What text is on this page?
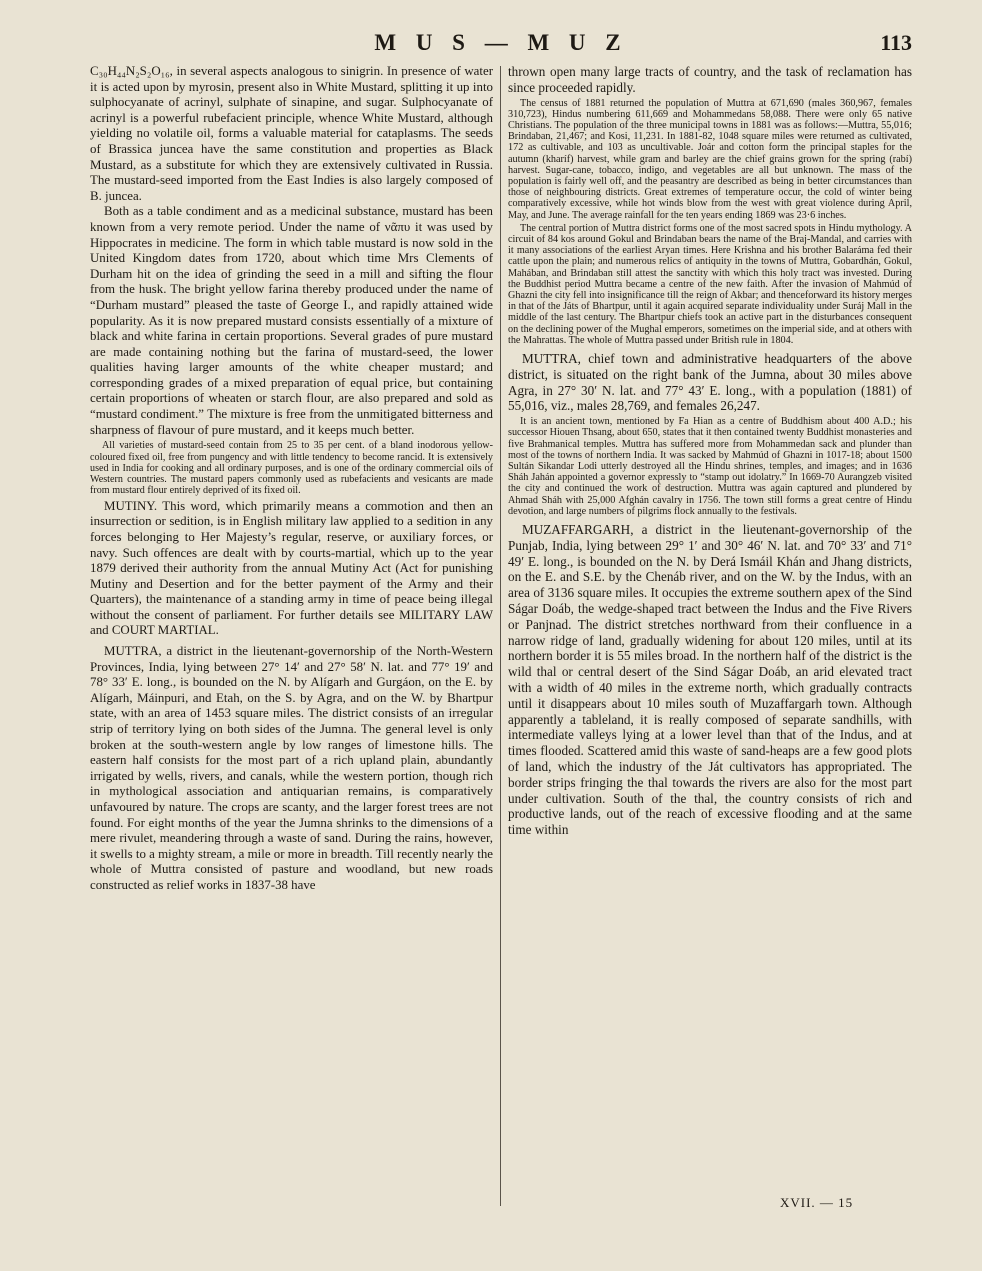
M U S — M U Z	113

C₃₀H₄₄N₂S₂O₁₆, in several aspects analogous to sinigrin. In presence of water it is acted upon by myrosin, present also in White Mustard, splitting it up into sulphocyanate of acrinyl, sulphate of sinapine, and sugar. Sulphocyanate of acrinyl is a powerful rubefacient principle, whence White Mustard, although yielding no volatile oil, forms a valuable material for cataplasms. The seeds of Brassica juncea have the same constitution and properties as Black Mustard, as a substitute for which they are extensively cultivated in Russia. The mustard-seed imported from the East Indies is also largely composed of B. juncea.

Both as a table condiment and as a medicinal substance, mustard has been known from a very remote period. Under the name of νᾶπυ it was used by Hippocrates in medicine. The form in which table mustard is now sold in the United Kingdom dates from 1720, about which time Mrs Clements of Durham hit on the idea of grinding the seed in a mill and sifting the flour from the husk. The bright yellow farina thereby produced under the name of “Durham mustard” pleased the taste of George I., and rapidly attained wide popularity. As it is now prepared mustard consists essentially of a mixture of black and white farina in certain proportions. Several grades of pure mustard are made containing nothing but the farina of mustard-seed, the lower qualities having larger amounts of the white cheaper mustard; and corresponding grades of a mixed preparation of equal price, but containing certain proportions of wheaten or starch flour, are also prepared and sold as “mustard condiment.” The mixture is free from the unmitigated bitterness and sharpness of flavour of pure mustard, and it keeps much better.

All varieties of mustard-seed contain from 25 to 35 per cent. of a bland inodorous yellow-coloured fixed oil, free from pungency and with little tendency to become rancid. It is extensively used in India for cooking and all ordinary purposes, and is one of the ordinary commercial oils of Western countries. The mustard papers commonly used as rubefacients and vesicants are made from mustard flour entirely deprived of its fixed oil.

MUTINY. This word, which primarily means a commotion and then an insurrection or sedition, is in English military law applied to a sedition in any forces belonging to Her Majesty’s regular, reserve, or auxiliary forces, or navy. Such offences are dealt with by courts-martial, which up to the year 1879 derived their authority from the annual Mutiny Act (Act for punishing Mutiny and Desertion and for the better payment of the Army and their Quarters), the maintenance of a standing army in time of peace being illegal without the consent of parliament. For further details see MILITARY LAW and COURT MARTIAL.

MUTTRA, a district in the lieutenant-governorship of the North-Western Provinces, India, lying between 27° 14′ and 27° 58′ N. lat. and 77° 19′ and 78° 33′ E. long., is bounded on the N. by Alígarh and Gurgáon, on the E. by Alígarh, Máinpuri, and Etah, on the S. by Agra, and on the W. by Bhartpur state, with an area of 1453 square miles. The district consists of an irregular strip of territory lying on both sides of the Jumna. The general level is only broken at the south-western angle by low ranges of limestone hills. The eastern half consists for the most part of a rich upland plain, abundantly irrigated by wells, rivers, and canals, while the western portion, though rich in mythological association and antiquarian remains, is comparatively unfavoured by nature. The crops are scanty, and the larger forest trees are not found. For eight months of the year the Jumna shrinks to the dimensions of a mere rivulet, meandering through a waste of sand. During the rains, however, it swells to a mighty stream, a mile or more in breadth. Till recently nearly the whole of Muttra consisted of pasture and woodland, but new roads constructed as relief works in 1837-38 have

thrown open many large tracts of country, and the task of reclamation has since proceeded rapidly.

The census of 1881 returned the population of Muttra at 671,690 (males 360,967, females 310,723), Hindus numbering 611,669 and Mohammedans 58,088. There were only 65 native Christians. The population of the three municipal towns in 1881 was as follows:—Muttra, 55,016; Brindaban, 21,467; and Kosi, 11,231. In 1881-82, 1048 square miles were returned as cultivated, 172 as cultivable, and 103 as uncultivable. Joár and cotton form the principal staples for the autumn (kharíf) harvest, while gram and barley are the chief grains grown for the spring (rabí) harvest. Sugar-cane, tobacco, indigo, and vegetables are all but unknown. The mass of the population is fairly well off, and the peasantry are described as being in better circumstances than those of neighbouring districts. Great extremes of temperature occur, the cold of winter being comparatively excessive, while hot winds blow from the west with great violence during April, May, and June. The average rainfall for the ten years ending 1869 was 23·6 inches.

The central portion of Muttra district forms one of the most sacred spots in Hindu mythology. A circuit of 84 kos around Gokul and Brindaban bears the name of the Braj-Mandal, and carries with it many associations of the earliest Aryan times. Here Krishna and his brother Balaráma fed their cattle upon the plain; and numerous relics of antiquity in the towns of Muttra, Gobardhán, Gokul, Mahában, and Brindaban still attest the sanctity with which this holy tract was invested. During the Buddhist period Muttra became a centre of the new faith. After the invasion of Mahmúd of Ghazni the city fell into insignificance till the reign of Akbar; and thenceforward its history merges in that of the Játs of Bhartpur, until it again acquired separate individuality under Suráj Mall in the middle of the last century. The Bhartpur chiefs took an active part in the disturbances consequent on the declining power of the Mughal emperors, sometimes on the imperial side, and at others with the Mahrattas. The whole of Muttra passed under British rule in 1804.

MUTTRA, chief town and administrative headquarters of the above district, is situated on the right bank of the Jumna, about 30 miles above Agra, in 27° 30′ N. lat. and 77° 43′ E. long., with a population (1881) of 55,016, viz., males 28,769, and females 26,247.

It is an ancient town, mentioned by Fa Hian as a centre of Buddhism about 400 A.D.; his successor Hiouen Thsang, about 650, states that it then contained twenty Buddhist monasteries and five Brahmanical temples. Muttra has suffered more from Mohammedan sack and plunder than most of the towns of northern India. It was sacked by Mahmúd of Ghazni in 1017-18; about 1500 Sultán Sikandar Lodi utterly destroyed all the Hindu shrines, temples, and images; and in 1636 Sháh Jahán appointed a governor expressly to “stamp out idolatry.” In 1669-70 Aurangzeb visited the city and continued the work of destruction. Muttra was again captured and plundered by Ahmad Sháh with 25,000 Afghán cavalry in 1756. The town still forms a great centre of Hindu devotion, and large numbers of pilgrims flock annually to the festivals.

MUZAFFARGARH, a district in the lieutenant-governorship of the Punjab, India, lying between 29° 1′ and 30° 46′ N. lat. and 70° 33′ and 71° 49′ E. long., is bounded on the N. by Derá Ismáil Khán and Jhang districts, on the E. and S.E. by the Chenáb river, and on the W. by the Indus, with an area of 3136 square miles. It occupies the extreme southern apex of the Sind Ságar Doáb, the wedge-shaped tract between the Indus and the Five Rivers or Panjnad. The district stretches northward from their confluence in a narrow ridge of land, gradually widening for about 120 miles, until at its northern border it is 55 miles broad. In the northern half of the district is the wild thal or central desert of the Sind Ságar Doáb, an arid elevated tract with a width of 40 miles in the extreme north, which gradually contracts until it disappears about 10 miles south of Muzaffargarh town. Although apparently a tableland, it is really composed of separate sandhills, with intermediate valleys lying at a lower level than that of the Indus, and at times flooded. Scattered amid this waste of sand-heaps are a few good plots of land, which the industry of the Ját cultivators has appropriated. The border strips fringing the thal towards the rivers are also for the most part under cultivation. South of the thal, the country consists of rich and productive lands, out of the reach of excessive flooding and at the same time within

XVII. — 15
